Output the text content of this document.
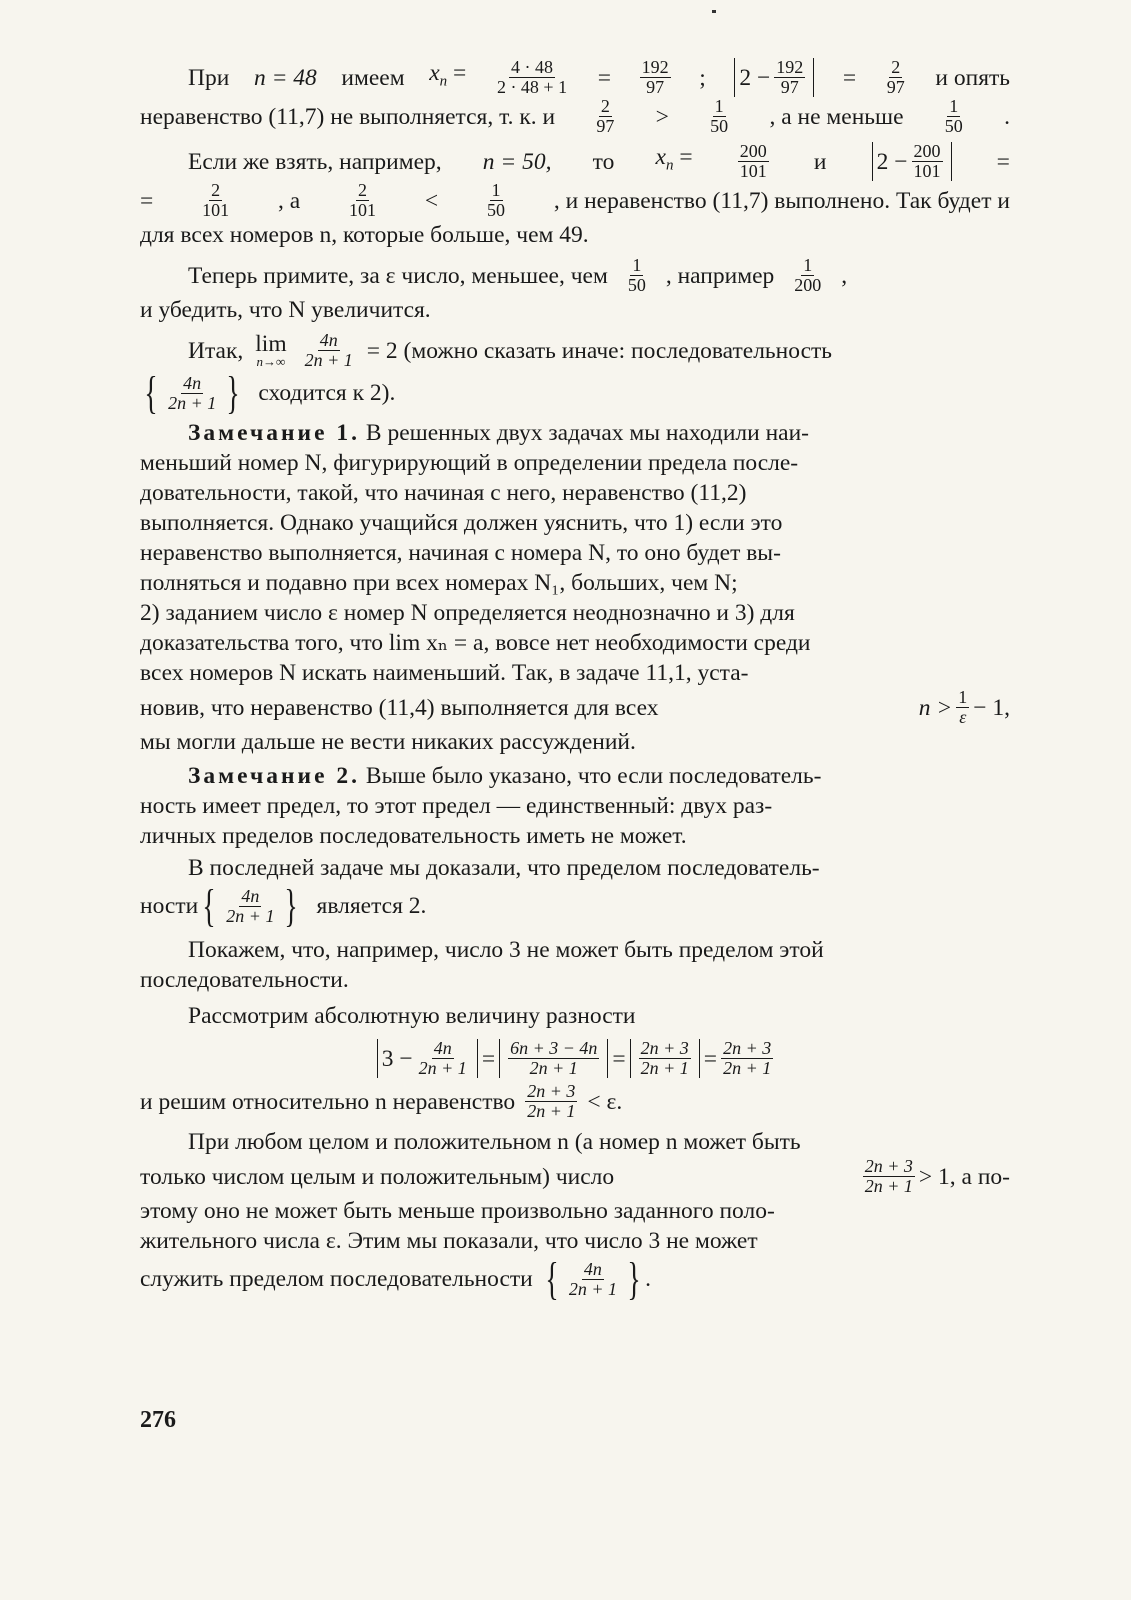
При n = 48 имеем $x_n = \frac{4 \cdot 48}{2 \cdot 48 + 1} = \frac{192}{97}$ ; $2 - \frac{192}{97} = \frac{2}{97}$ и опять
неравенство (11,7) не выполняется, т. к. и	2
97 >	1
50 , а не меньше	1
50 .
Если же взять, например, n = 50, то $x_n$ =	$\frac{200}{101}$ и $2 - \frac{200}{101}$ =
=	$\frac{2}{101}$ , а	2
101 <	1
50 , и неравенство (11,7) выполнено. Так будет и

для всех номеров n, которые больше, чем 49.

Теперь примите, за ε число, меньшее, чем 1
50 , например 1
200 ,

и убедить, что N увеличится.

Итак, lim
$n\to\infty \frac{4n}{2n + 1} = 2$ (можно сказать иначе: последовательность
{ 4n
2n + 1 } сходится к 2).

Замечание 1. В решенных двух задачах мы находили наи-

меньший номер N, фигурирующий в определении предела после-

довательности, такой, что начиная с него, неравенство (11,2)

выполняется. Однако учащийся должен уяснить, что 1) если это

неравенство выполняется, начиная с номера N, то оно будет вы-

полняться и подавно при всех номерах N₁, больших, чем N;

2) заданием число ε номер N определяется неоднозначно и 3) для

доказательства того, что lim xₙ = a, вовсе нет необходимости среди

всех номеров N искать наименьший. Так, в задаче 11,1, уста-

новив, что неравенство (11,4) выполняется для всех	n > 1
ε − 1,

мы могли дальше не вести никаких рассуждений.

Замечание 2. Выше было указано, что если последователь-

ность имеет предел, то этот предел — единственный: двух раз-

личных пределов последовательность иметь не может.

В последней задаче мы доказали, что пределом последователь-

ности { 4n
2n + 1 } является 2.

Покажем, что, например, число 3 не может быть пределом этой

последовательности.

Рассмотрим абсолютную величину разности

$3 - \frac{4n}{2n + 1} = 6n + 3 - 4n$
2n + 1 = 2n + 3
$2n + 1 = \frac{2n + 3}{2n + 1}$
и решим относительно n неравенство 2n + 3
2n + 1 < ε.

При любом целом и положительном n (а номер n может быть

только числом целым и положительным) число	2n + 3
2n + 1 > 1, а по-

этому оно не может быть меньше произвольно заданного поло-

жительного числа ε. Этим мы показали, что число 3 не может

служить пределом последовательности { 4n
2n + 1 } .
276
